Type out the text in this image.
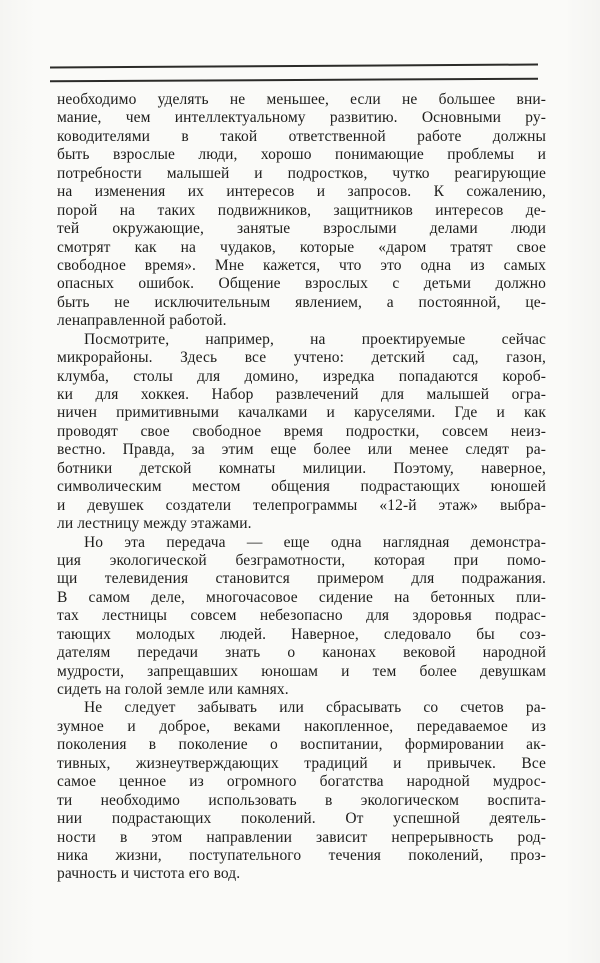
необходимо уделять не меньшее, если не большее вни-
мание, чем интеллектуальному развитию. Основными ру-
ководителями в такой ответственной работе должны
быть взрослые люди, хорошо понимающие проблемы и
потребности малышей и подростков, чутко реагирующие
на изменения их интересов и запросов. К сожалению,
порой на таких подвижников, защитников интересов де-
тей окружающие, занятые взрослыми делами люди
смотрят как на чудаков, которые «даром тратят свое
свободное время». Мне кажется, что это одна из самых
опасных ошибок. Общение взрослых с детьми должно
быть не исключительным явлением, а постоянной, це-
ленаправленной работой.
Посмотрите, например, на проектируемые сейчас
микрорайоны. Здесь все учтено: детский сад, газон,
клумба, столы для домино, изредка попадаются короб-
ки для хоккея. Набор развлечений для малышей огра-
ничен примитивными качалками и каруселями. Где и как
проводят свое свободное время подростки, совсем неиз-
вестно. Правда, за этим еще более или менее следят ра-
ботники детской комнаты милиции. Поэтому, наверное,
символическим местом общения подрастающих юношей
и девушек создатели телепрограммы «12-й этаж» выбра-
ли лестницу между этажами.
Но эта передача — еще одна наглядная демонстра-
ция экологической безграмотности, которая при помо-
щи телевидения становится примером для подражания.
В самом деле, многочасовое сидение на бетонных пли-
тах лестницы совсем небезопасно для здоровья подрас-
тающих молодых людей. Наверное, следовало бы соз-
дателям передачи знать о канонах вековой народной
мудрости, запрещавших юношам и тем более девушкам
сидеть на голой земле или камнях.
Не следует забывать или сбрасывать со счетов ра-
зумное и доброе, веками накопленное, передаваемое из
поколения в поколение о воспитании, формировании ак-
тивных, жизнеутверждающих традиций и привычек. Все
самое ценное из огромного богатства народной мудрос-
ти необходимо использовать в экологическом воспита-
нии подрастающих поколений. От успешной деятель-
ности в этом направлении зависит непрерывность род-
ника жизни, поступательного течения поколений, проз-
рачность и чистота его вод.
